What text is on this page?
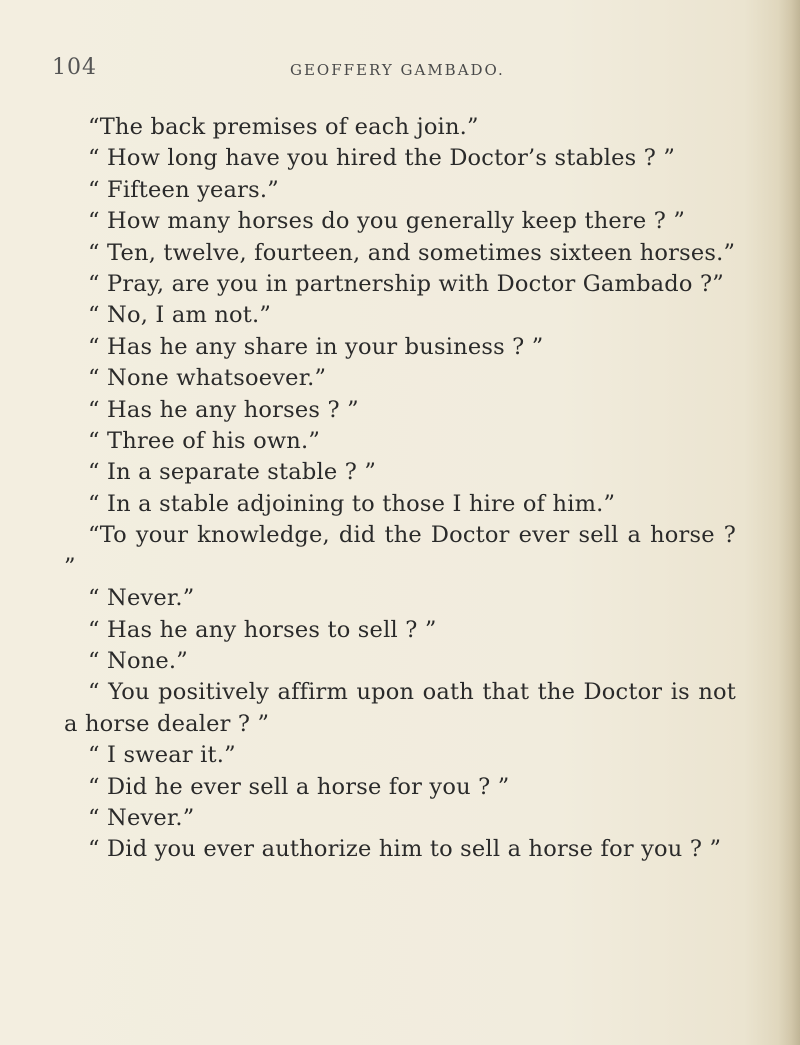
104	GEOFFERY GAMBADO.

“The back premises of each join.”

“ How long have you hired the Doctor’s stables ? ”

“ Fifteen years.”

“ How many horses do you generally keep there ? ”

“ Ten, twelve, fourteen, and sometimes sixteen horses.”

“ Pray, are you in partnership with Doctor Gambado ?”

“ No, I am not.”

“ Has he any share in your business ? ”

“ None whatsoever.”

“ Has he any horses ? ”

“ Three of his own.”

“ In a separate stable ? ”

“ In a stable adjoining to those I hire of him.”

“To your knowledge, did the Doctor ever sell a horse ? ”

“ Never.”

“ Has he any horses to sell ? ”

“ None.”

“ You positively affirm upon oath that the Doctor is not a horse dealer ? ”

“ I swear it.”

“ Did he ever sell a horse for you ? ”

“ Never.”

“ Did you ever authorize him to sell a horse for you ? ”
